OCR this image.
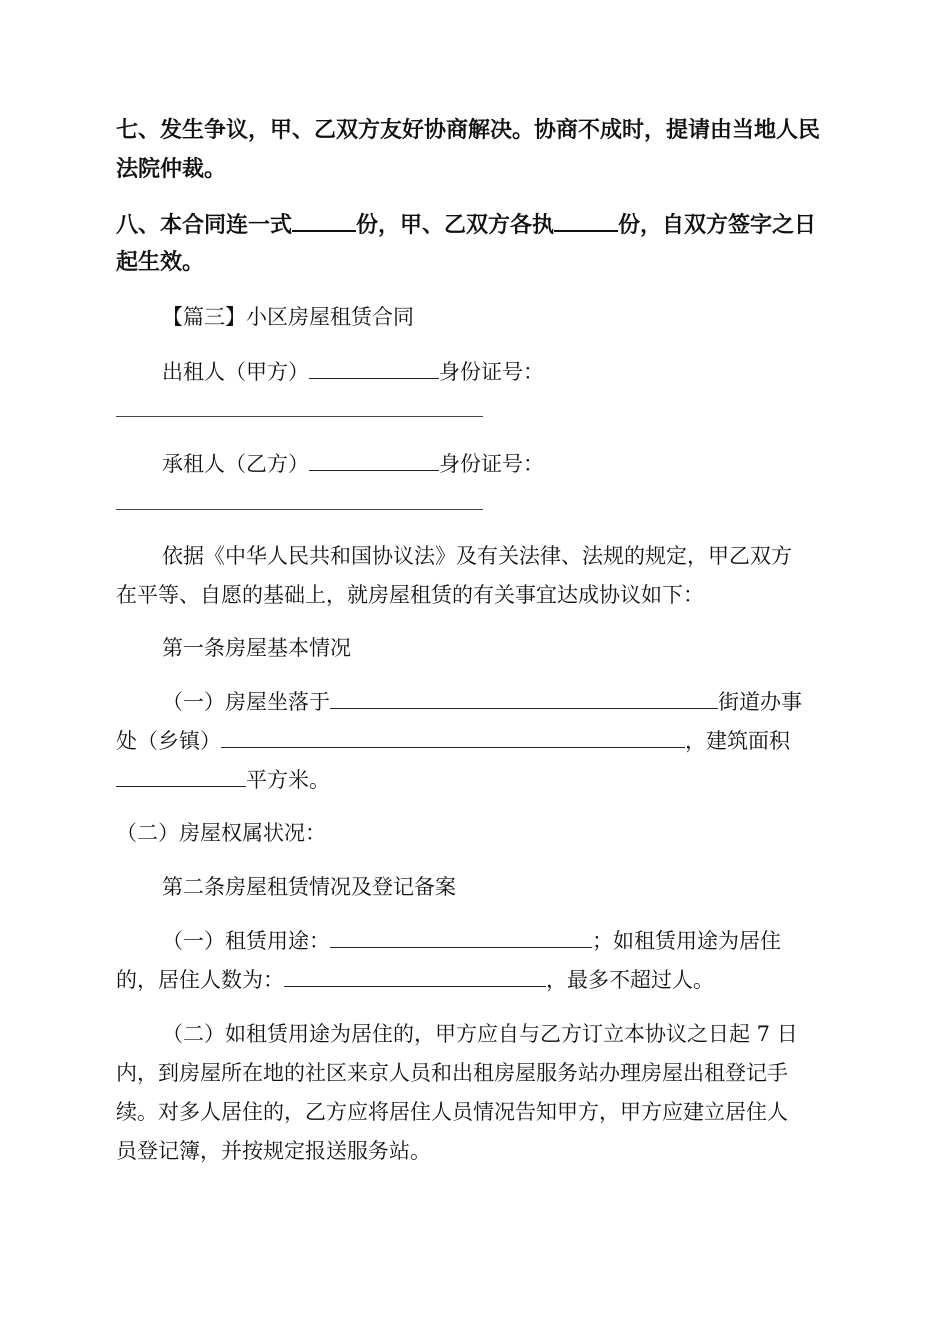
七、发生争议，甲、乙双方友好协商解决。协商不成时，提请由当地人民
法院仲裁。
八、本合同连一式	份，甲、乙双方各执	份，自双方签字之日
起生效。
【篇三】小区房屋租赁合同
出租人（甲方）	身份证号：
承租人（乙方）	身份证号：
依据《中华人民共和国协议法》及有关法律、法规的规定，甲乙双方
在平等、自愿的基础上，就房屋租赁的有关事宜达成协议如下：
第一条房屋基本情况
（一）房屋坐落于	街道办事
处（乡镇）	，建筑面积
平方米。
（二）房屋权属状况：
第二条房屋租赁情况及登记备案
（一）租赁用途：	；如租赁用途为居住
的，居住人数为：	，最多不超过人。
（二）如租赁用途为居住的，甲方应自与乙方订立本协议之日起 7 日
内，到房屋所在地的社区来京人员和出租房屋服务站办理房屋出租登记手
续。对多人居住的，乙方应将居住人员情况告知甲方，甲方应建立居住人
员登记簿，并按规定报送服务站。
